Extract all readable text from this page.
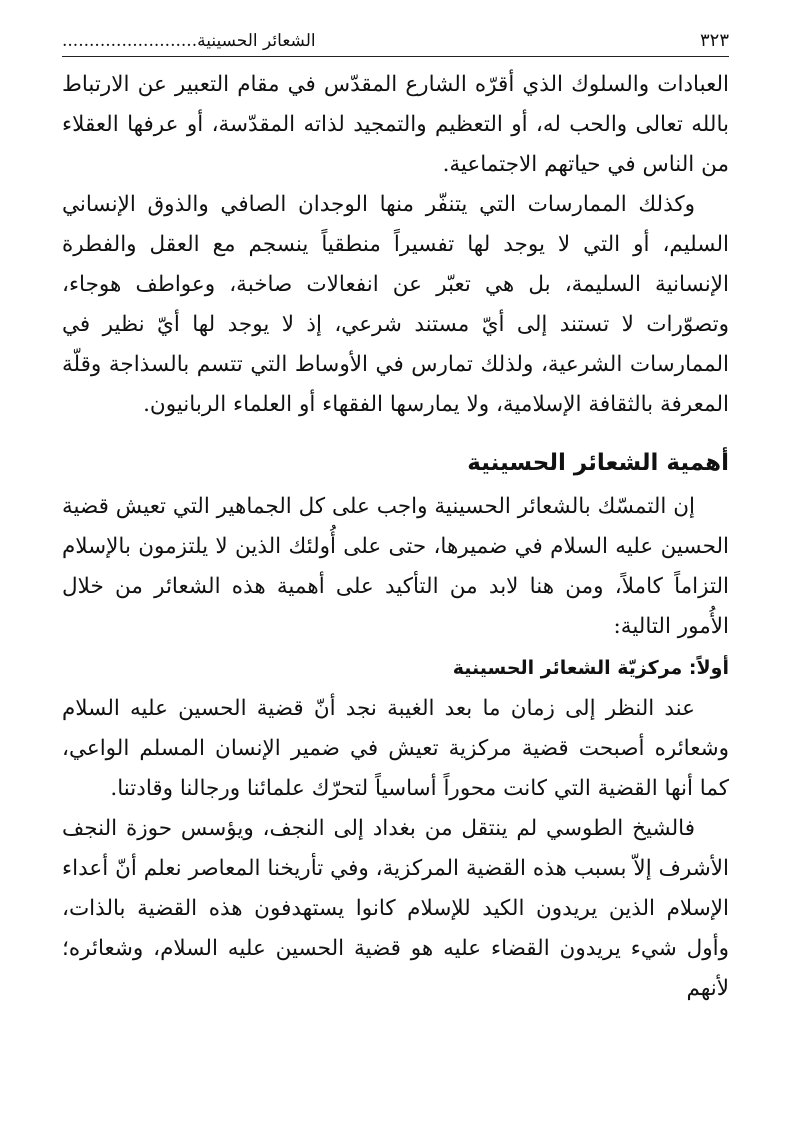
٣٢٣
الشعائر الحسينية.........................

العبادات والسلوك الذي أقرّه الشارع المقدّس في مقام التعبير عن الارتباط بالله تعالى والحب له، أو التعظيم والتمجيد لذاته المقدّسة، أو عرفها العقلاء من الناس في حياتهم الاجتماعية.

وكذلك الممارسات التي يتنفّر منها الوجدان الصافي والذوق الإنساني السليم، أو التي لا يوجد لها تفسيراً منطقياً ينسجم مع العقل والفطرة الإنسانية السليمة، بل هي تعبّر عن انفعالات صاخبة، وعواطف هوجاء، وتصوّرات لا تستند إلى أيّ مستند شرعي، إذ لا يوجد لها أيّ نظير في الممارسات الشرعية، ولذلك تمارس في الأوساط التي تتسم بالسذاجة وقلّة المعرفة بالثقافة الإسلامية، ولا يمارسها الفقهاء أو العلماء الربانيون.

أهمية الشعائر الحسينية

إن التمسّك بالشعائر الحسينية واجب على كل الجماهير التي تعيش قضية الحسين عليه السلام في ضميرها، حتى على أُولئك الذين لا يلتزمون بالإسلام التزاماً كاملاً، ومن هنا لابد من التأكيد على أهمية هذه الشعائر من خلال الأُمور التالية:

أولاً: مركزيّة الشعائر الحسينية

عند النظر إلى زمان ما بعد الغيبة نجد أنّ قضية الحسين عليه السلام وشعائره أصبحت قضية مركزية تعيش في ضمير الإنسان المسلم الواعي، كما أنها القضية التي كانت محوراً أساسياً لتحرّك علمائنا ورجالنا وقادتنا.

فالشيخ الطوسي لم ينتقل من بغداد إلى النجف، ويؤسس حوزة النجف الأشرف إلاّ بسبب هذه القضية المركزية، وفي تأريخنا المعاصر نعلم أنّ أعداء الإسلام الذين يريدون الكيد للإسلام كانوا يستهدفون هذه القضية بالذات، وأول شيء يريدون القضاء عليه هو قضية الحسين عليه السلام، وشعائره؛ لأنهم
